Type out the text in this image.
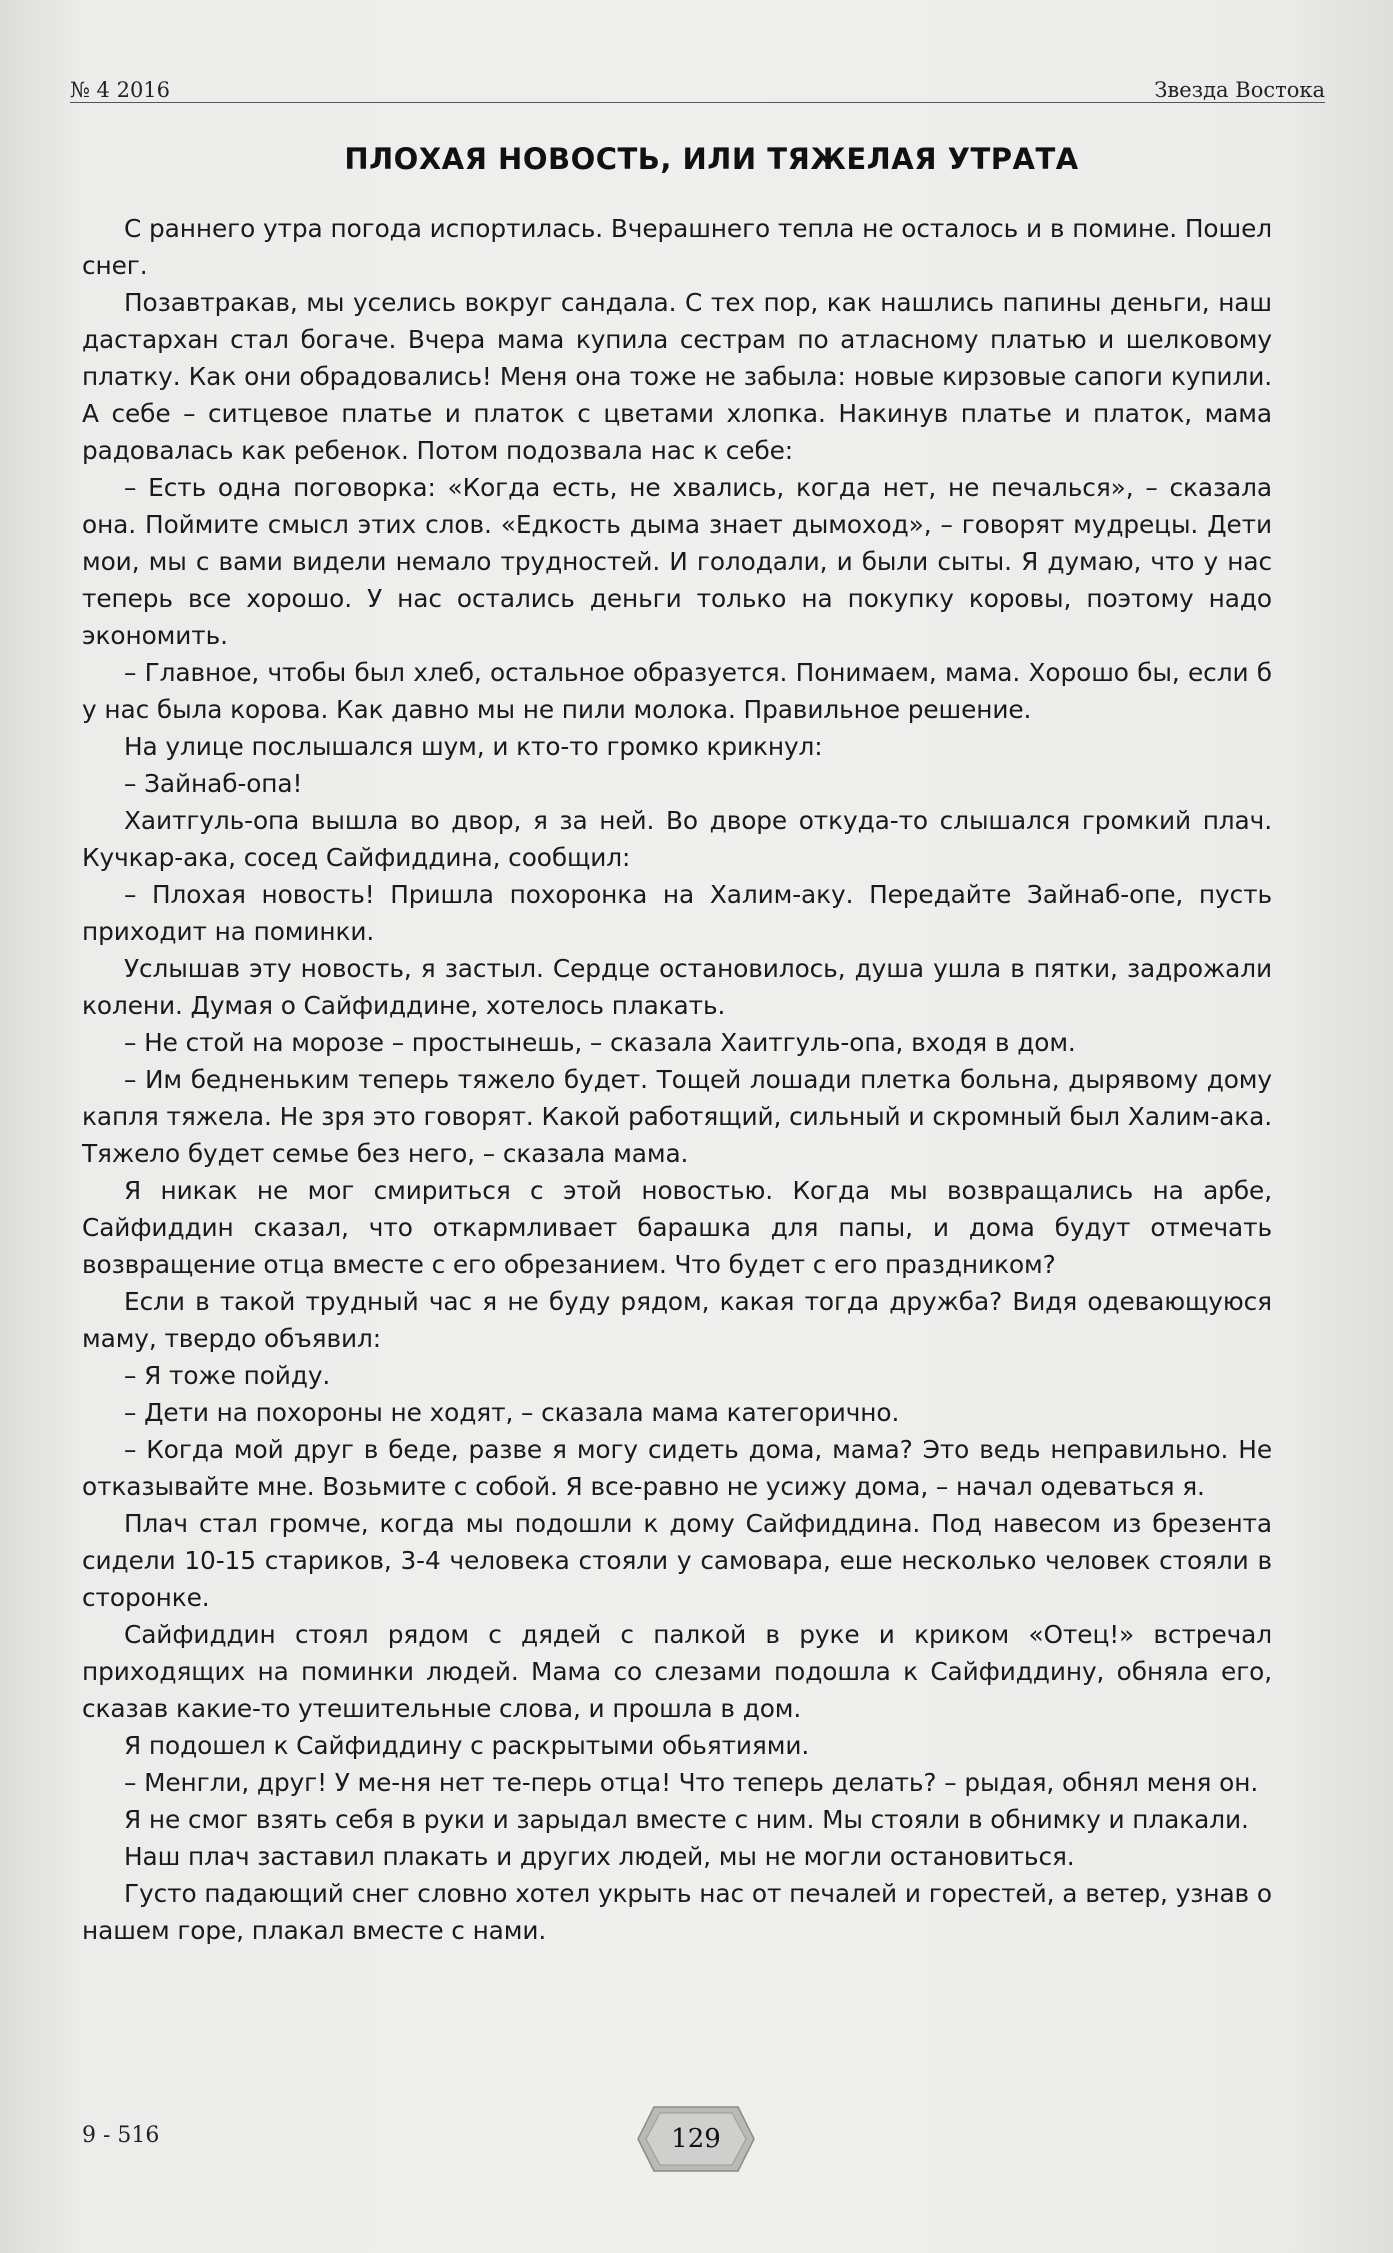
№ 4 2016	Звезда Востока
ПЛОХАЯ НОВОСТЬ, ИЛИ ТЯЖЕЛАЯ УТРАТА

С раннего утра погода испортилась. Вчерашнего тепла не осталось и в помине. Пошел снег.

Позавтракав, мы уселись вокруг сандала. С тех пор, как нашлись папины деньги, наш дастархан стал богаче. Вчера мама купила сестрам по атласному платью и шелковому платку. Как они обрадовались! Меня она тоже не забыла: новые кирзовые сапоги купили. А себе – ситцевое платье и платок с цветами хлопка. Накинув платье и платок, мама радовалась как ребенок. Потом подозвала нас к себе:

– Есть одна поговорка: «Когда есть, не хвались, когда нет, не печалься», – сказала она. Поймите смысл этих слов. «Едкость дыма знает дымоход», – говорят мудрецы. Дети мои, мы с вами видели немало трудностей. И голодали, и были сыты. Я думаю, что у нас теперь все хорошо. У нас остались деньги только на покупку коровы, поэтому надо экономить.

– Главное, чтобы был хлеб, остальное образуется. Понимаем, мама. Хорошо бы, если б у нас была корова. Как давно мы не пили молока. Правильное решение.

На улице послышался шум, и кто-то громко крикнул:

– Зайнаб-опа!

Хаитгуль-опа вышла во двор, я за ней. Во дворе откуда-то слышался громкий плач. Кучкар-ака, сосед Сайфиддина, сообщил:

– Плохая новость! Пришла похоронка на Халим-аку. Передайте Зайнаб-опе, пусть приходит на поминки.

Услышав эту новость, я застыл. Сердце остановилось, душа ушла в пятки, задрожали колени. Думая о Сайфиддине, хотелось плакать.

– Не стой на морозе – простынешь, – сказала Хаитгуль-опа, входя в дом.

– Им бедненьким теперь тяжело будет. Тощей лошади плетка больна, дырявому дому капля тяжела. Не зря это говорят. Какой работящий, сильный и скромный был Халим-ака. Тяжело будет семье без него, – сказала мама.

Я никак не мог смириться с этой новостью. Когда мы возвращались на арбе, Сайфиддин сказал, что откармливает барашка для папы, и дома будут отмечать возвращение отца вместе с его обрезанием. Что будет с его праздником?

Если в такой трудный час я не буду рядом, какая тогда дружба? Видя одевающуюся маму, твердо объявил:

– Я тоже пойду.

– Дети на похороны не ходят, – сказала мама категорично.

– Когда мой друг в беде, разве я могу сидеть дома, мама? Это ведь неправильно. Не отказывайте мне. Возьмите с собой. Я все-равно не усижу дома, – начал одеваться я.

Плач стал громче, когда мы подошли к дому Сайфиддина. Под навесом из брезента сидели 10-15 стариков, 3-4 человека стояли у самовара, еше несколько человек стояли в сторонке.

Сайфиддин стоял рядом с дядей с палкой в руке и криком «Отец!» встречал приходящих на поминки людей. Мама со слезами подошла к Сайфиддину, обняла его, сказав какие-то утешительные слова, и прошла в дом.

Я подошел к Сайфиддину с раскрытыми обьятиями.

– Менгли, друг! У ме-ня нет те-перь отца! Что теперь делать? – рыдая, обнял меня он.

Я не смог взять себя в руки и зарыдал вместе с ним. Мы стояли в обнимку и плакали.

Наш плач заставил плакать и других людей, мы не могли остановиться.

Густо падающий снег словно хотел укрыть нас от печалей и горестей, а ветер, узнав о нашем горе, плакал вместе с нами.

9 - 516	129
